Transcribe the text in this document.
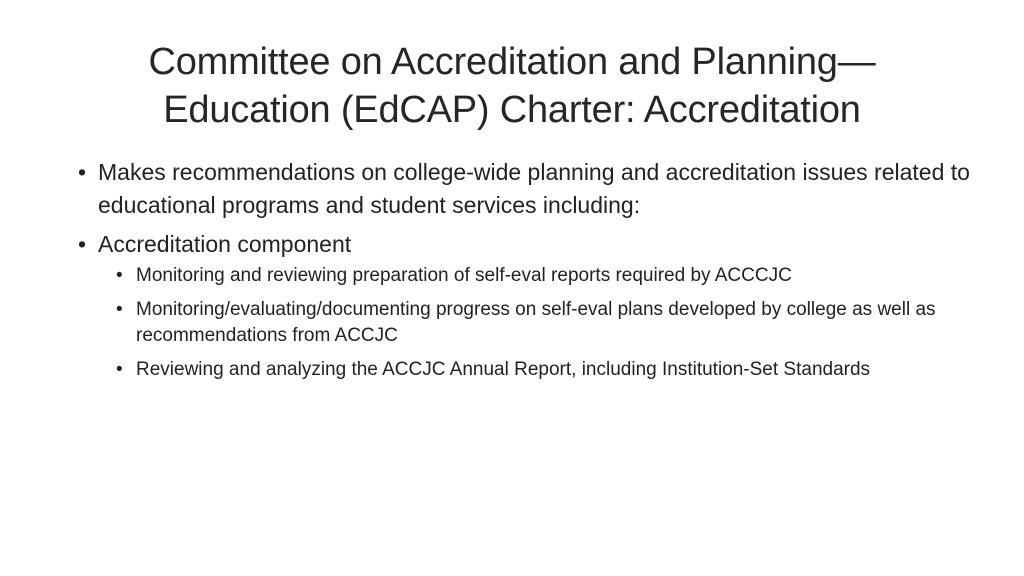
Committee on Accreditation and Planning—
Education (EdCAP) Charter: Accreditation
• Makes recommendations on college-wide planning and accreditation issues related to educational programs and student services including:
• Accreditation component
• Monitoring and reviewing preparation of self-eval reports required by ACCCJC
• Monitoring/evaluating/documenting progress on self-eval plans developed by college as well as recommendations from ACCJC
• Reviewing and analyzing the ACCJC Annual Report, including Institution-Set Standards
